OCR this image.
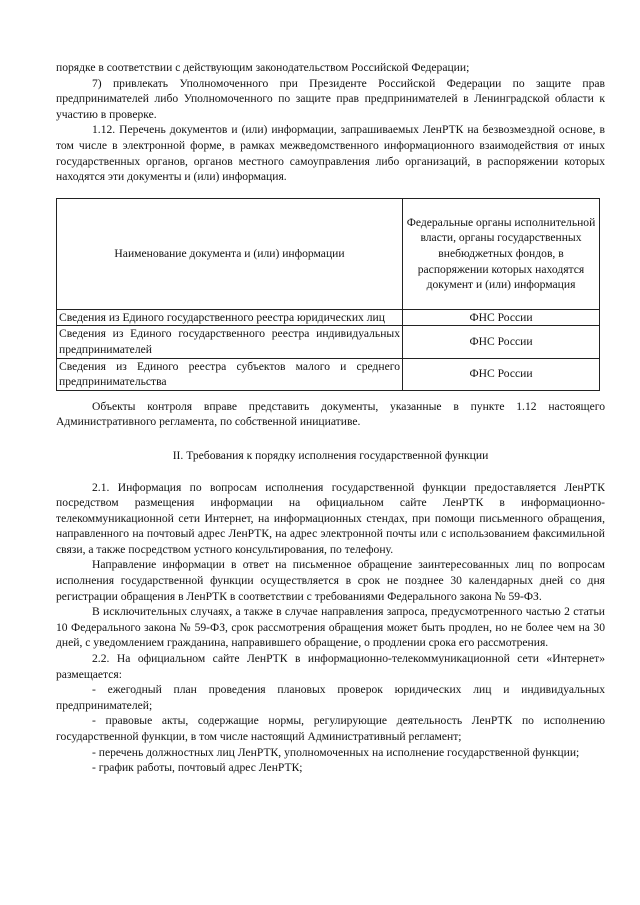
порядке в соответствии с действующим законодательством Российской Федерации;

7) привлекать Уполномоченного при Президенте Российской Федерации по защите прав предпринимателей либо Уполномоченного по защите прав предпринимателей в Ленинградской области к участию в проверке.

1.12. Перечень документов и (или) информации, запрашиваемых ЛенРТК на безвозмездной основе, в том числе в электронной форме, в рамках межведомственного информационного взаимодействия от иных государственных органов, органов местного самоуправления либо организаций, в распоряжении которых находятся эти документы и (или) информация.

Наименование документа и (или) информации	Федеральные органы исполнительной власти, органы государственных внебюджетных фондов, в распоряжении которых находятся документ и (или) информация
Сведения из Единого государственного реестра юридических лиц	ФНС России
Сведения из Единого государственного реестра индивидуальных предпринимателей	ФНС России
Сведения из Единого реестра субъектов малого и среднего предпринимательства	ФНС России

Объекты контроля вправе представить документы, указанные в пункте 1.12 настоящего Административного регламента, по собственной инициативе.

II. Требования к порядку исполнения государственной функции

2.1. Информация по вопросам исполнения государственной функции предоставляется ЛенРТК посредством размещения информации на официальном сайте ЛенРТК в информационно-телекоммуникационной сети Интернет, на информационных стендах, при помощи письменного обращения, направленного на почтовый адрес ЛенРТК, на адрес электронной почты или с использованием факсимильной связи, а также посредством устного консультирования, по телефону.

Направление информации в ответ на письменное обращение заинтересованных лиц по вопросам исполнения государственной функции осуществляется в срок не позднее 30 календарных дней со дня регистрации обращения в ЛенРТК в соответствии с требованиями Федерального закона № 59-ФЗ.

В исключительных случаях, а также в случае направления запроса, предусмотренного частью 2 статьи 10 Федерального закона № 59-ФЗ, срок рассмотрения обращения может быть продлен, но не более чем на 30 дней, с уведомлением гражданина, направившего обращение, о продлении срока его рассмотрения.

2.2. На официальном сайте ЛенРТК в информационно-телекоммуникационной сети «Интернет» размещается:

- ежегодный план проведения плановых проверок юридических лиц и индивидуальных предпринимателей;

- правовые акты, содержащие нормы, регулирующие деятельность ЛенРТК по исполнению государственной функции, в том числе настоящий Административный регламент;

- перечень должностных лиц ЛенРТК, уполномоченных на исполнение государственной функции;

- график работы, почтовый адрес ЛенРТК;
